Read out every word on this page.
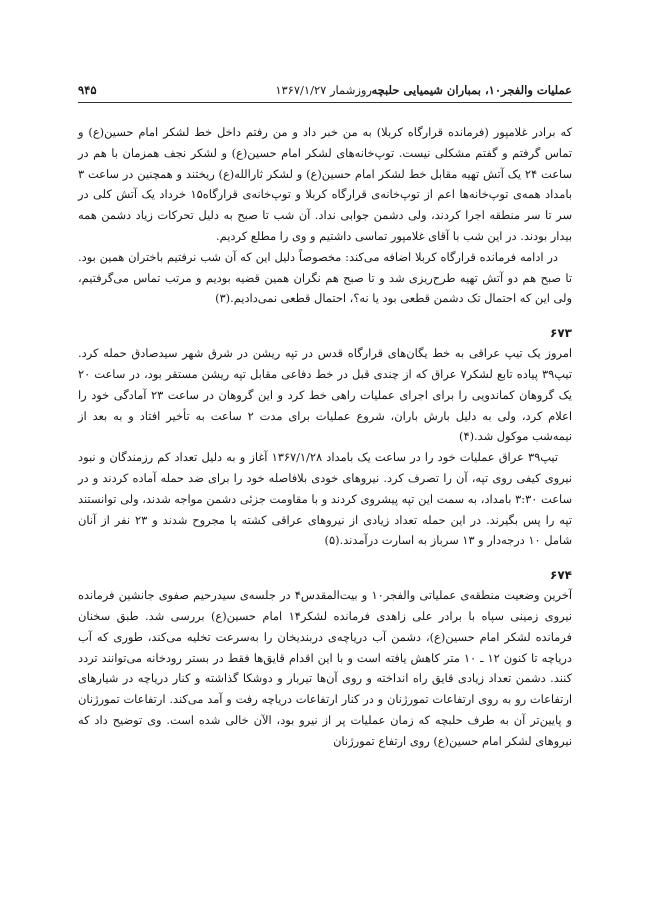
عملیات والفجر۱۰، بمباران شیمیایی حلبچه
روزشمار ۱۳۶۷/۱/۲۷
۹۴۵

که برادر غلامپور (فرمانده قرارگاه کربلا) به من خبر داد و من رفتم داخل خط لشکر امام حسین(ع) و تماس گرفتم و گفتم مشکلی نیست. توپ‌خانه‌های لشکر امام حسین(ع) و لشکر نجف همزمان با هم در ساعت ۲۴ یک آتش تهیه مقابل خط لشکر امام حسین(ع) و لشکر ثارالله(ع) ریختند و همچنین در ساعت ۳ بامداد همه‌ی توپ‌خانه‌ها اعم از توپ‌خانه‌ی قرارگاه کربلا و توپ‌خانه‌ی قرارگاه۱۵ خرداد یک آتش کلی در سر تا سر منطقه اجرا کردند، ولی دشمن جوابی نداد. آن شب تا صبح به دلیل تحرکات زیاد دشمن همه بیدار بودند. در این شب با آقای غلامپور تماسی داشتیم و وی را مطلع کردیم.

در ادامه فرمانده قرارگاه کربلا اضافه می‌کند: مخصوصاً دلیل این که آن شب نرفتیم باختران همین بود. تا صبح هم دو آتش تهیه طرح‌ریزی شد و تا صبح هم نگران همین قضیه بودیم و مرتب تماس می‌گرفتیم، ولی این که احتمال تک دشمن قطعی بود یا نه؟، احتمال قطعی نمی‌دادیم.(۳)

۶۷۳

امروز یک تیپ عراقی به خط یگان‌های قرارگاه قدس در تپه ریشن در شرق شهر سیدصادق حمله کرد. تیپ۳۹ پیاده تابع لشکر۷ عراق که از چندی قبل در خط دفاعی مقابل تپه ریشن مستقر بود، در ساعت ۲۰ یک گروهان کماندویی را برای اجرای عملیات راهی خط کرد و این گروهان در ساعت ۲۳ آمادگی خود را اعلام کرد، ولی به دلیل بارش باران، شروع عملیات برای مدت ۲ ساعت به تأخیر افتاد و به بعد از نیمه‌شب موکول شد.(۴)

تیپ۳۹ عراق عملیات خود را در ساعت یک بامداد ۱۳۶۷/۱/۲۸ آغاز و به دلیل تعداد کم رزمندگان و نبود نیروی کیفی روی تپه، آن را تصرف کرد. نیروهای خودی بلافاصله خود را برای ضد حمله آماده کردند و در ساعت ۳:۳۰ بامداد، به سمت این تپه پیشروی کردند و با مقاومت جزئی دشمن مواجه شدند، ولی توانستند تپه را پس بگیرند. در این حمله تعداد زیادی از نیروهای عراقی کشته یا مجروح شدند و ۲۳ نفر از آنان شامل ۱۰ درجه‌دار و ۱۳ سرباز به اسارت درآمدند.(۵)

۶۷۴

آخرین وضعیت منطقه‌ی عملیاتی والفجر۱۰ و بیت‌المقدس۴ در جلسه‌ی سیدرحیم صفوی جانشین فرمانده نیروی زمینی سپاه با برادر علی زاهدی فرمانده لشکر۱۴ امام حسین(ع) بررسی شد. طبق سخنان فرمانده لشکر امام حسین(ع)، دشمن آب دریاچه‌ی دربندیخان را به‌سرعت تخلیه می‌کند، طوری که آب دریاچه تا کنون ۱۲ ـ ۱۰ متر کاهش یافته است و با این اقدام قایق‌ها فقط در بستر رودخانه می‌توانند تردد کنند. دشمن تعداد زیادی قایق راه انداخته و روی آن‌ها تیربار و دوشکا گذاشته و کنار دریاچه در شیارهای ارتفاعات رو به روی ارتفاعات تمورژنان و در کنار ارتفاعات دریاچه رفت و آمد می‌کند. ارتفاعات تمورژنان و پایین‌تر آن به طرف حلبچه که زمان عملیات پر از نیرو بود، الآن خالی شده است. وی توضیح داد که نیروهای لشکر امام حسین(ع) روی ارتفاع تمورژنان
